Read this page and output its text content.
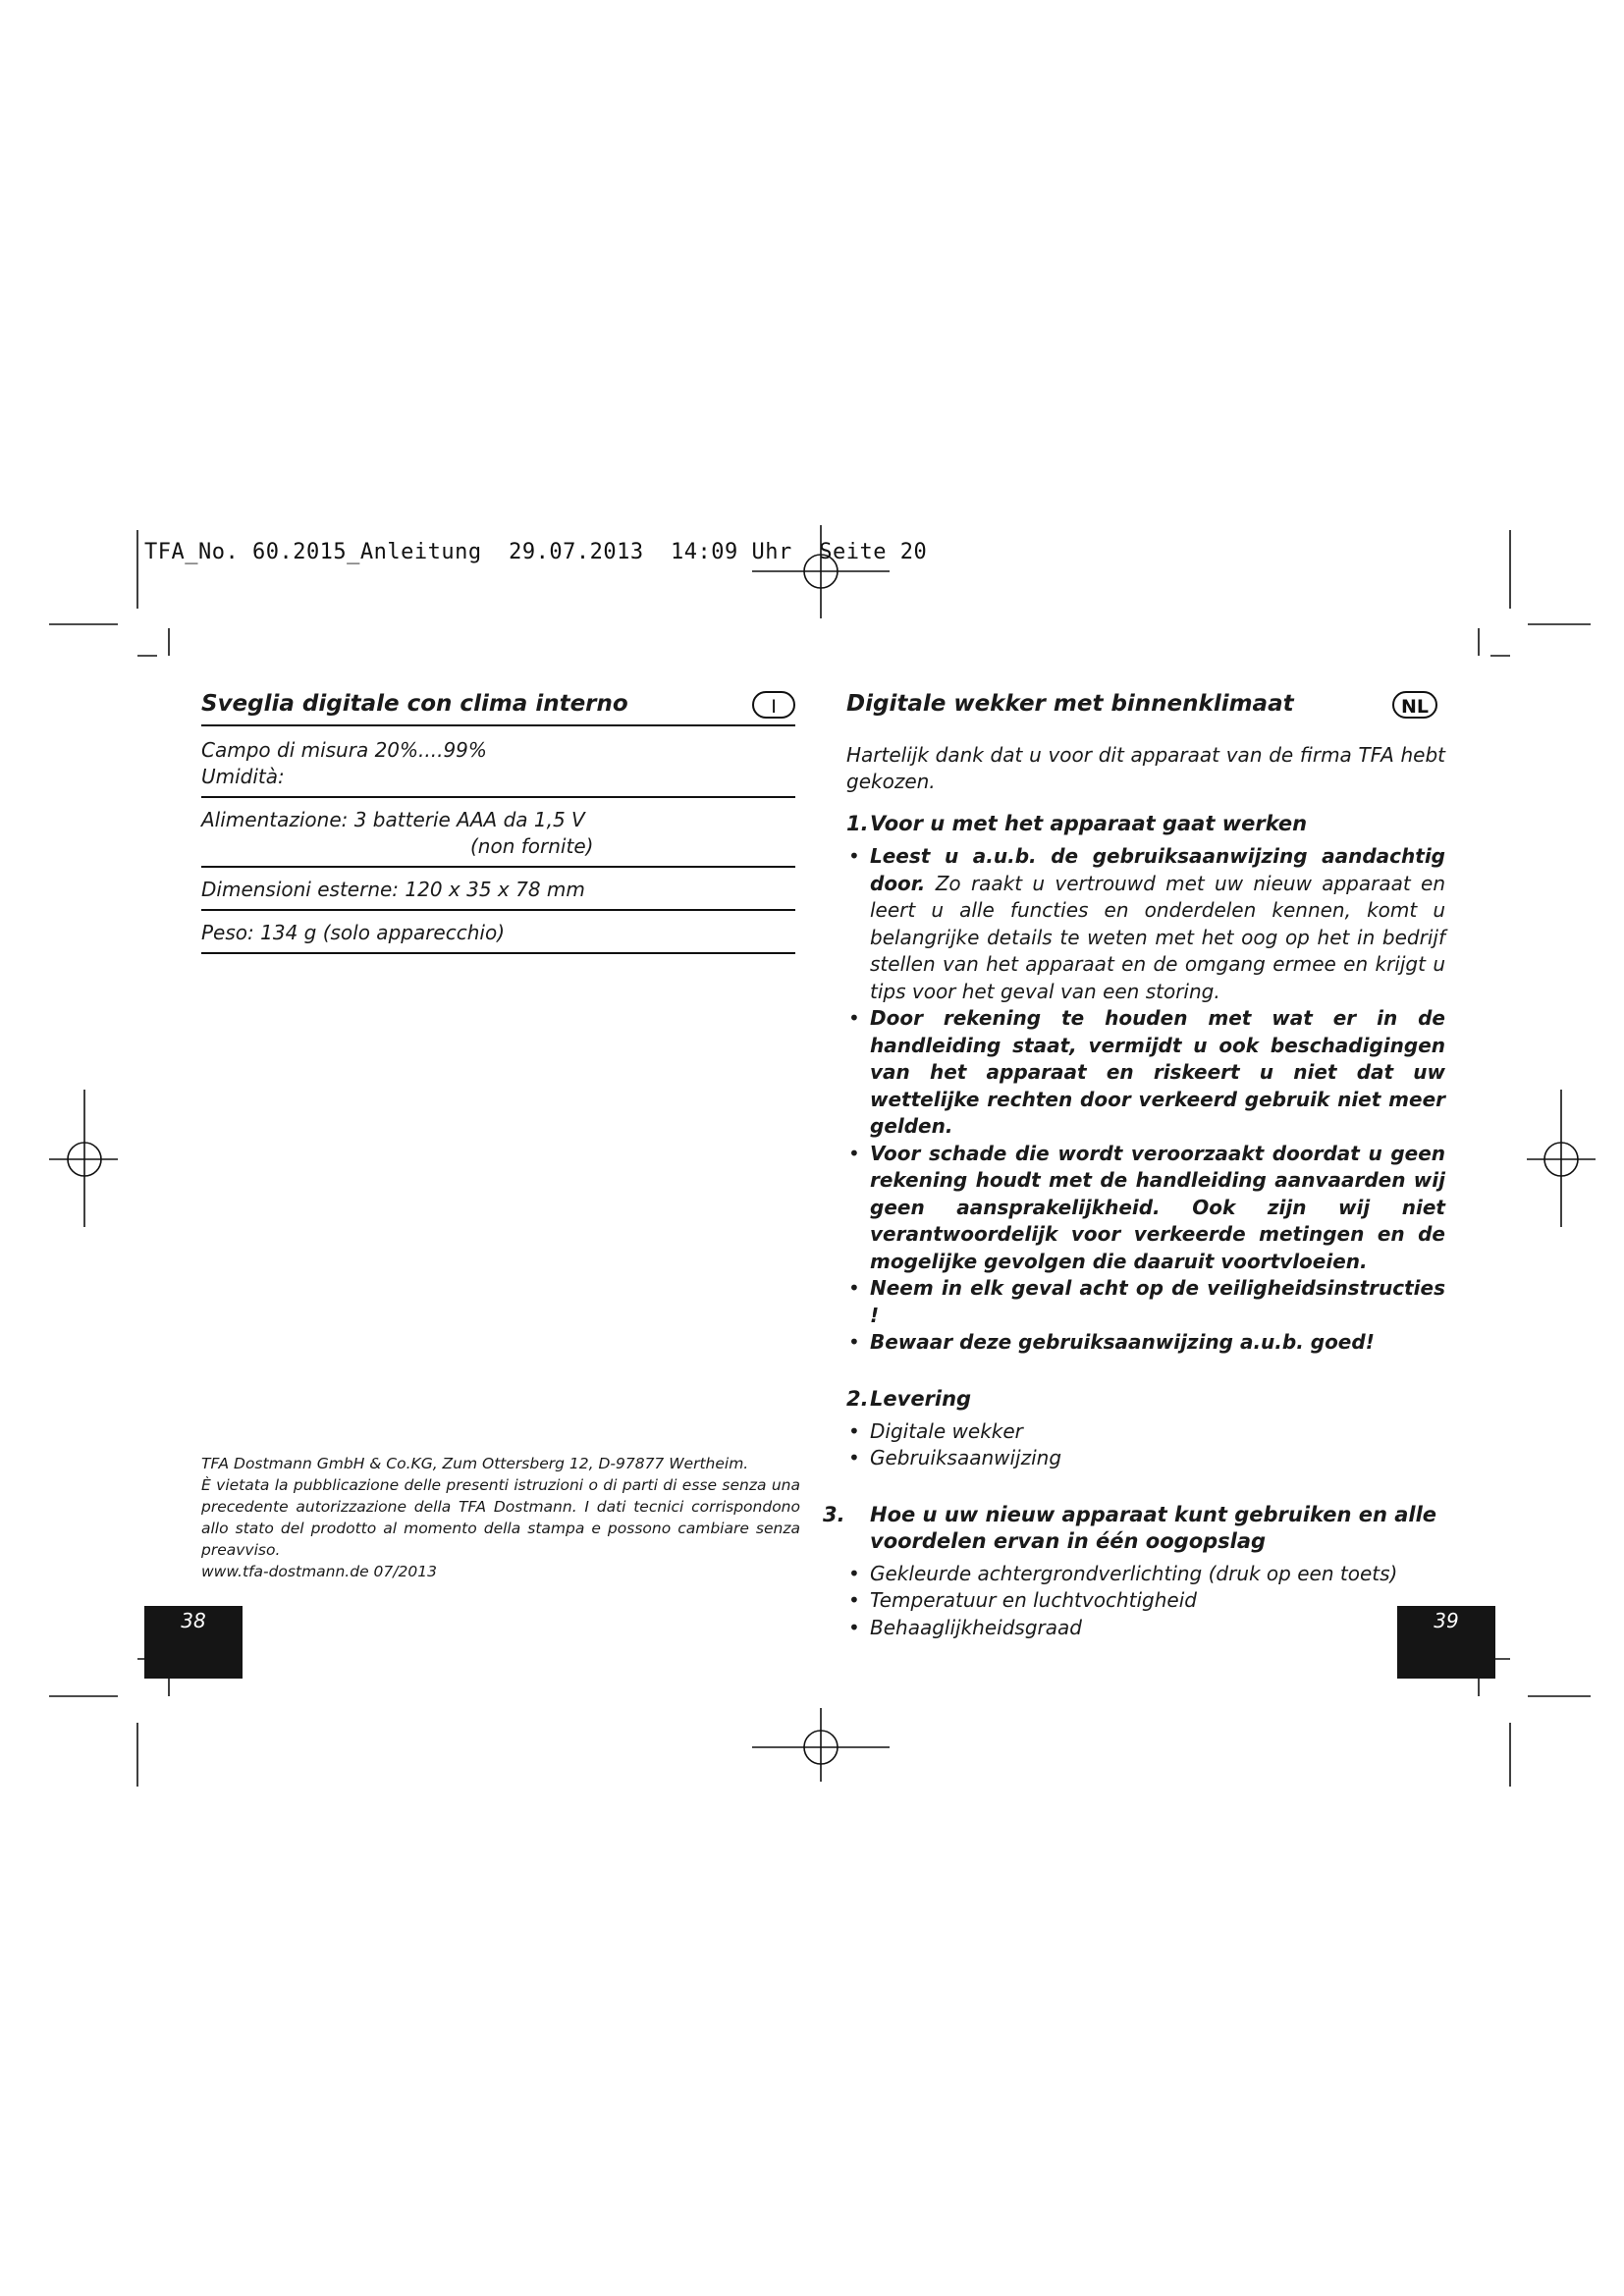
TFA_No. 60.2015_Anleitung  29.07.2013  14:09 Uhr  Seite 20

Sveglia digitale con clima interno	I
Campo di misura 20%....99%
Umidità:
Alimentazione: 3 batterie AAA da 1,5 V
(non fornite)
Dimensioni esterne: 120 x 35 x 78 mm
Peso: 134 g (solo apparecchio)
TFA Dostmann GmbH & Co.KG, Zum Ottersberg 12, D-97877 Wertheim.
È vietata la pubblicazione delle presenti istruzioni o di parti di esse senza una precedente autorizzazione della TFA Dostmann. I dati tecnici corrispondono allo stato del prodotto al momento della stampa e possono cambiare senza preavviso.
www.tfa-dostmann.de 07/2013
38
Digitale wekker met binnenklimaat	NL

Hartelijk dank dat u voor dit apparaat van de firma TFA hebt gekozen.

1.Voor u met het apparaat gaat werken
• Leest u a.u.b. de gebruiksaanwijzing aandachtig door. Zo raakt u vertrouwd met uw nieuw apparaat en leert u alle functies en onderdelen kennen, komt u belangrijke details te weten met het oog op het in bedrijf stellen van het apparaat en de omgang ermee en krijgt u tips voor het geval van een storing.
• Door rekening te houden met wat er in de handleiding staat, vermijdt u ook beschadigingen van het apparaat en riskeert u niet dat uw wettelijke rechten door verkeerd gebruik niet meer gelden.
• Voor schade die wordt veroorzaakt doordat u geen rekening houdt met de handleiding aanvaarden wij geen aansprakelijkheid. Ook zijn wij niet verantwoordelijk voor verkeerde metingen en de mogelijke gevolgen die daaruit voortvloeien.
• Neem in elk geval acht op de veiligheidsinstructies !
• Bewaar deze gebruiksaanwijzing a.u.b. goed!
2.Levering
• Digitale wekker
• Gebruiksaanwijzing
3. Hoe u uw nieuw apparaat kunt gebruiken en alle voordelen ervan in één oogopslag
• Gekleurde achtergrondverlichting (druk op een toets)
• Temperatuur en luchtvochtigheid
• Behaaglijkheidsgraad	39
